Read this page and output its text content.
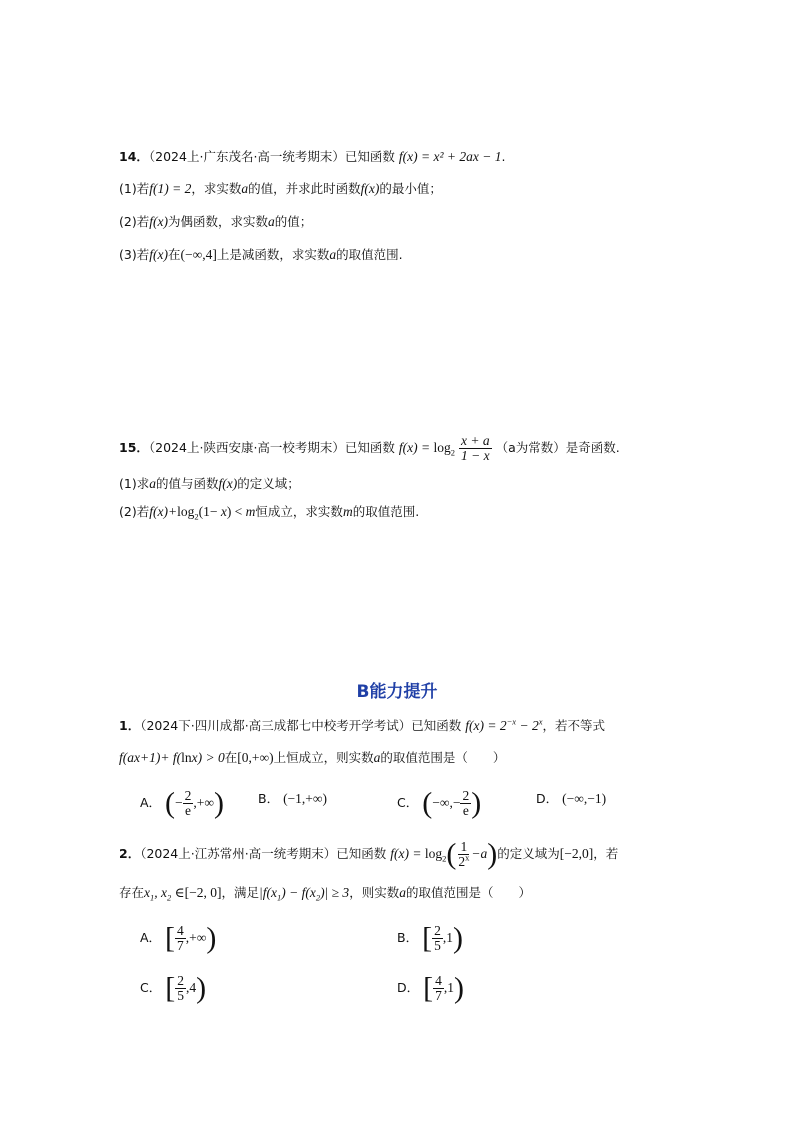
14．（2024上·广东茂名·高一统考期末）已知函数 f(x) = x² + 2ax − 1.
(1)若f(1) = 2，求实数a的值，并求此时函数f(x)的最小值；
(2)若f(x)为偶函数，求实数a的值；
(3)若f(x)在(−∞,4]上是减函数，求实数a的取值范围.
15．（2024上·陕西安康·高一校考期末）已知函数 $f(x) = \log_2 \frac{x + a}{1 - x} (a$为常数）是奇函数.
(1)求a的值与函数f(x)的定义域；
(2)若$f(x)+\log_2(1- x) < m$恒成立，求实数m的取值范围.
B能力提升
1．（2024下·四川成都·高三成都七中校考开学考试）已知函数 $f(x) = 2^{-x} - 2^x$，若不等式
f(ax+1)+ f(lnx) > 0在[0,+∞)上恒成立，则实数a的取值范围是（　　）
A． (− $\frac{2}{e}$ ,+∞)	B． (−1,+∞)	C． (−∞,− $\frac{2}{e}$ )	D． (−∞,−1)
2．（2024上·江苏常州·高一统考期末）已知函数 $f(x) = \log_2( \frac{1}{2^x} -a)$的定义域为[−2,0]，若
存在$x_1$, $x_2$ ∈[−2, 0]，满足$|f(x_1) - f(x_2)| \ge 3$，则实数a的取值范围是（　　）
A． [ $\frac{4}{7}$ ,+∞)	B． [ $\frac{2}{5} ,1$)
C． [ $\frac{2}{5} ,4$)	D． [ $\frac{4}{7} ,1$)
